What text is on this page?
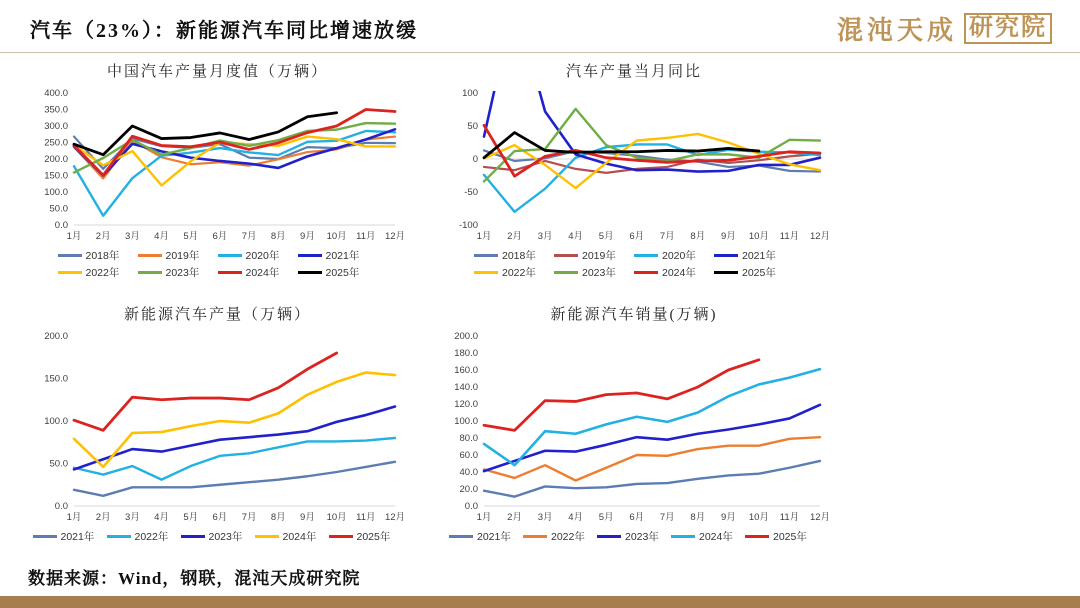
汽车（23%）：新能源汽车同比增速放缓	混沌天成 研究院
中国汽车产量月度值（万辆）
0.0
50.0
100.0
150.0
200.0
250.0
300.0
350.0
400.0
1月 2月 3月 4月 5月 6月 7月 8月 9月 10月 11月 12月
2018年	2019年	2020年	2021年
2022年	2023年	2024年	2025年
汽车产量当月同比
-100
-50
0
50
100
1月 2月 3月 4月 5月 6月 7月 8月 9月 10月 11月 12月
2018年	2019年	2020年	2021年
2022年	2023年	2024年	2025年
新能源汽车产量（万辆）
0.0
50.0
100.0
150.0
200.0
1月 2月 3月 4月 5月 6月 7月 8月 9月 10月 11月 12月
2021年	2022年	2023年	2024年	2025年
新能源汽车销量(万辆)
0.0
20.0
40.0
60.0
80.0
100.0
120.0
140.0
160.0
180.0
200.0
1月 2月 3月 4月 5月 6月 7月 8月 9月 10月 11月 12月
2021年	2022年	2023年	2024年	2025年
数据来源：Wind，钢联，混沌天成研究院
